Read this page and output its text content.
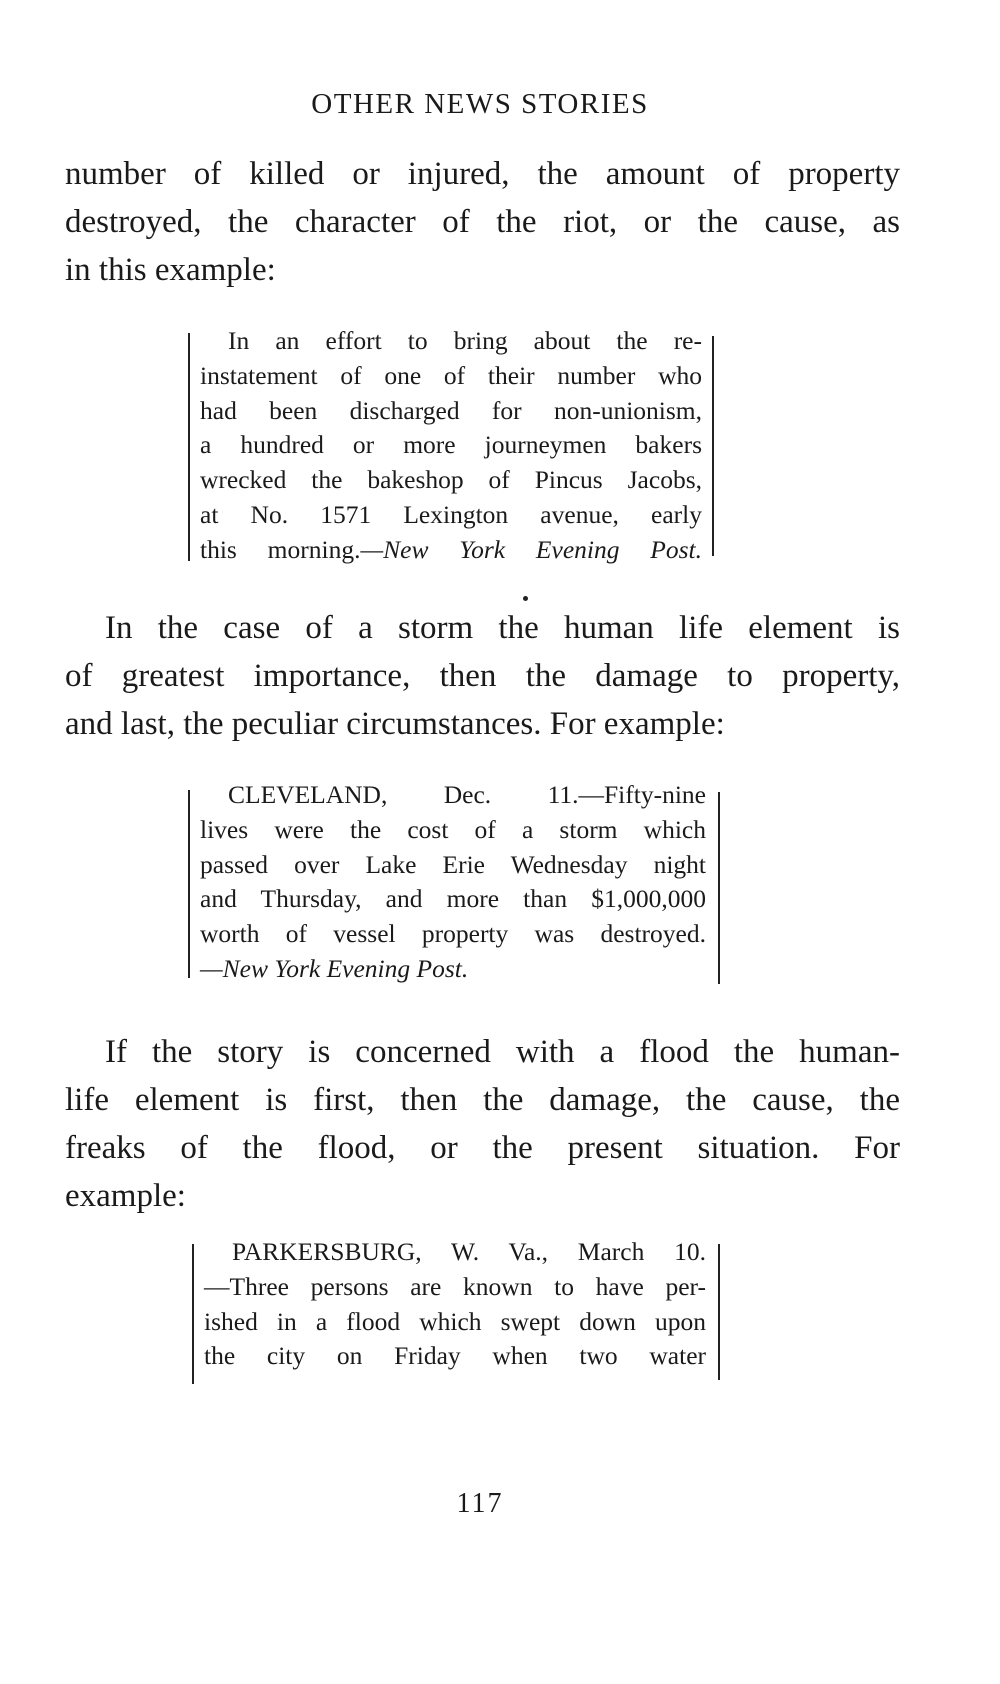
OTHER NEWS STORIES
number of killed or injured, the amount of property
destroyed, the character of the riot, or the cause, as
in this example:
In an effort to bring about the re-
instatement of one of their number who
had been discharged for non-unionism,
a hundred or more journeymen bakers
wrecked the bakeshop of Pincus Jacobs,
at No. 1571 Lexington avenue, early
this morning.—New York Evening Post.
In the case of a storm the human life element is
of greatest importance, then the damage to property,
and last, the peculiar circumstances. For example:
CLEVELAND, Dec. 11.—Fifty-nine
lives were the cost of a storm which
passed over Lake Erie Wednesday night
and Thursday, and more than $1,000,000
worth of vessel property was destroyed.
—New York Evening Post.
If the story is concerned with a flood the human-
life element is first, then the damage, the cause, the
freaks of the flood, or the present situation. For
example:
PARKERSBURG, W. Va., March 10.
—Three persons are known to have per-
ished in a flood which swept down upon
the city on Friday when two water
117
